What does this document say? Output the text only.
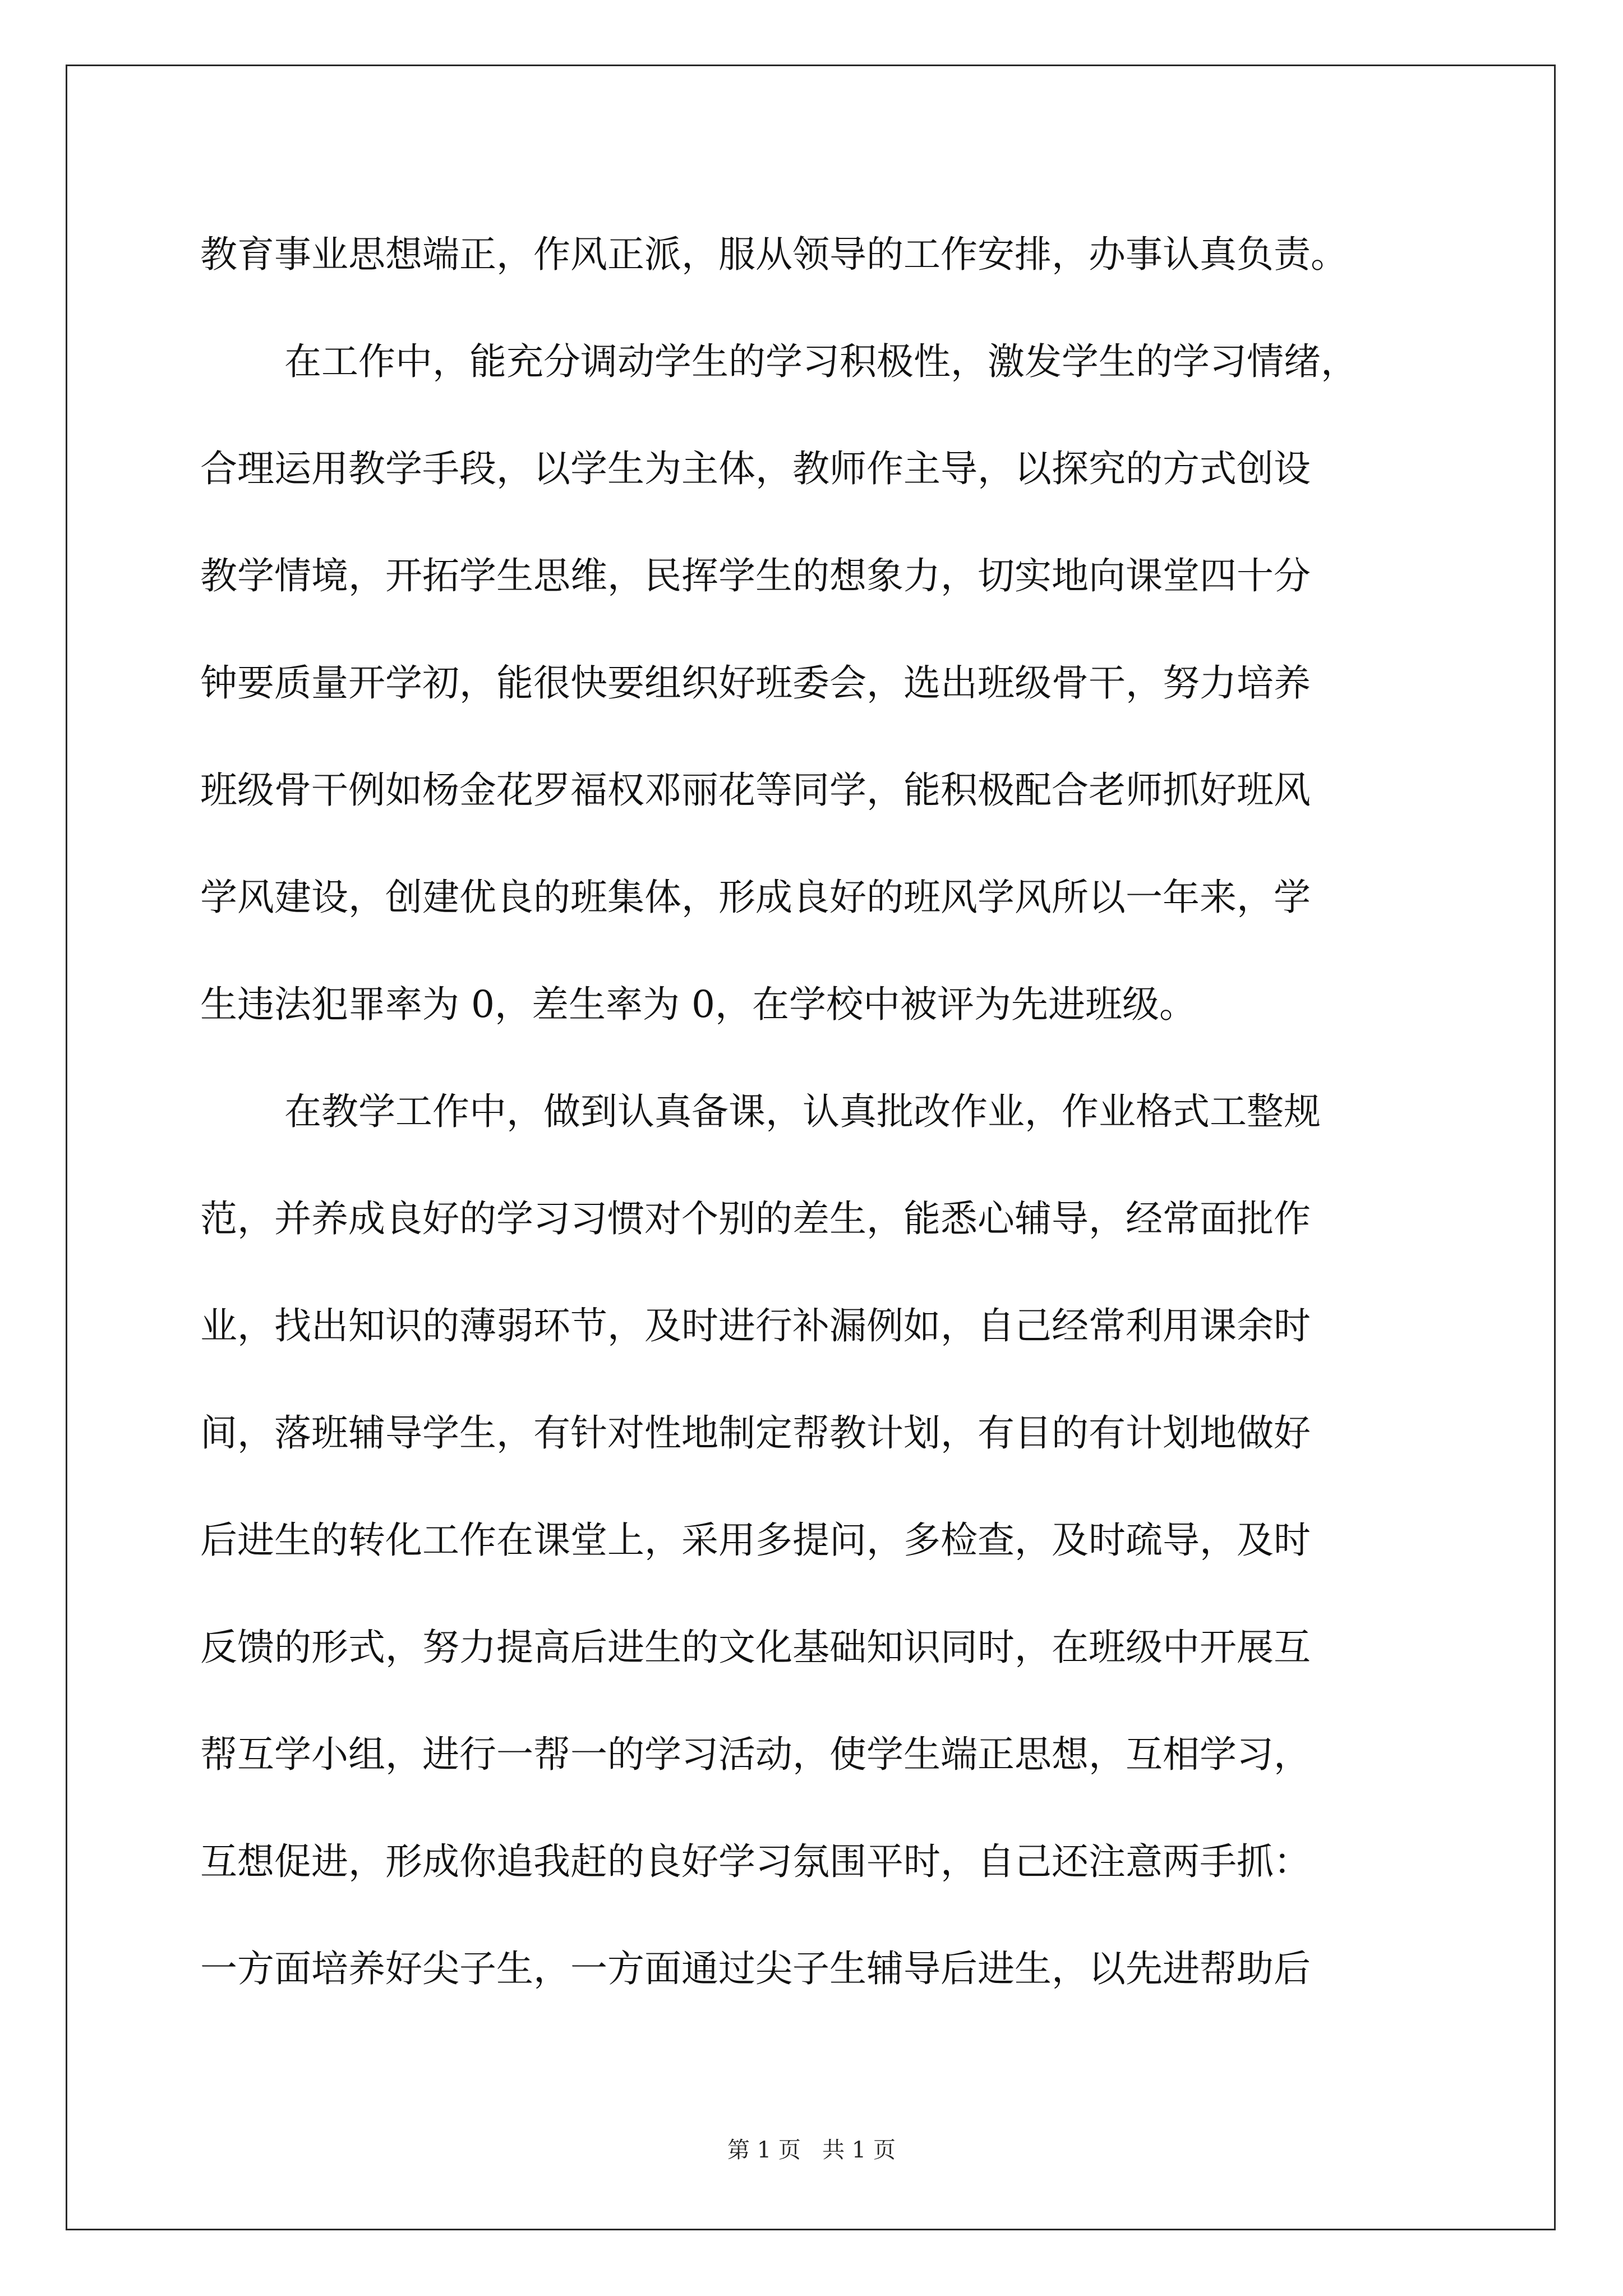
教育事业思想端正，作风正派，服从领导的工作安排，办事认真负责。
在工作中，能充分调动学生的学习积极性，激发学生的学习情绪，
合理运用教学手段，以学生为主体，教师作主导，以探究的方式创设
教学情境，开拓学生思维，民挥学生的想象力，切实地向课堂四十分
钟要质量开学初，能很快要组织好班委会，选出班级骨干，努力培养
班级骨干例如杨金花罗福权邓丽花等同学，能积极配合老师抓好班风
学风建设，创建优良的班集体，形成良好的班风学风所以一年来，学
生违法犯罪率为 0，差生率为 0，在学校中被评为先进班级。
在教学工作中，做到认真备课，认真批改作业，作业格式工整规
范，并养成良好的学习习惯对个别的差生，能悉心辅导，经常面批作
业，找出知识的薄弱环节，及时进行补漏例如，自己经常利用课余时
间，落班辅导学生，有针对性地制定帮教计划，有目的有计划地做好
后进生的转化工作在课堂上，采用多提问，多检查，及时疏导，及时
反馈的形式，努力提高后进生的文化基础知识同时，在班级中开展互
帮互学小组，进行一帮一的学习活动，使学生端正思想，互相学习，
互想促进，形成你追我赶的良好学习氛围平时，自己还注意两手抓：
一方面培养好尖子生，一方面通过尖子生辅导后进生，以先进帮助后
第 1 页 共 1 页
